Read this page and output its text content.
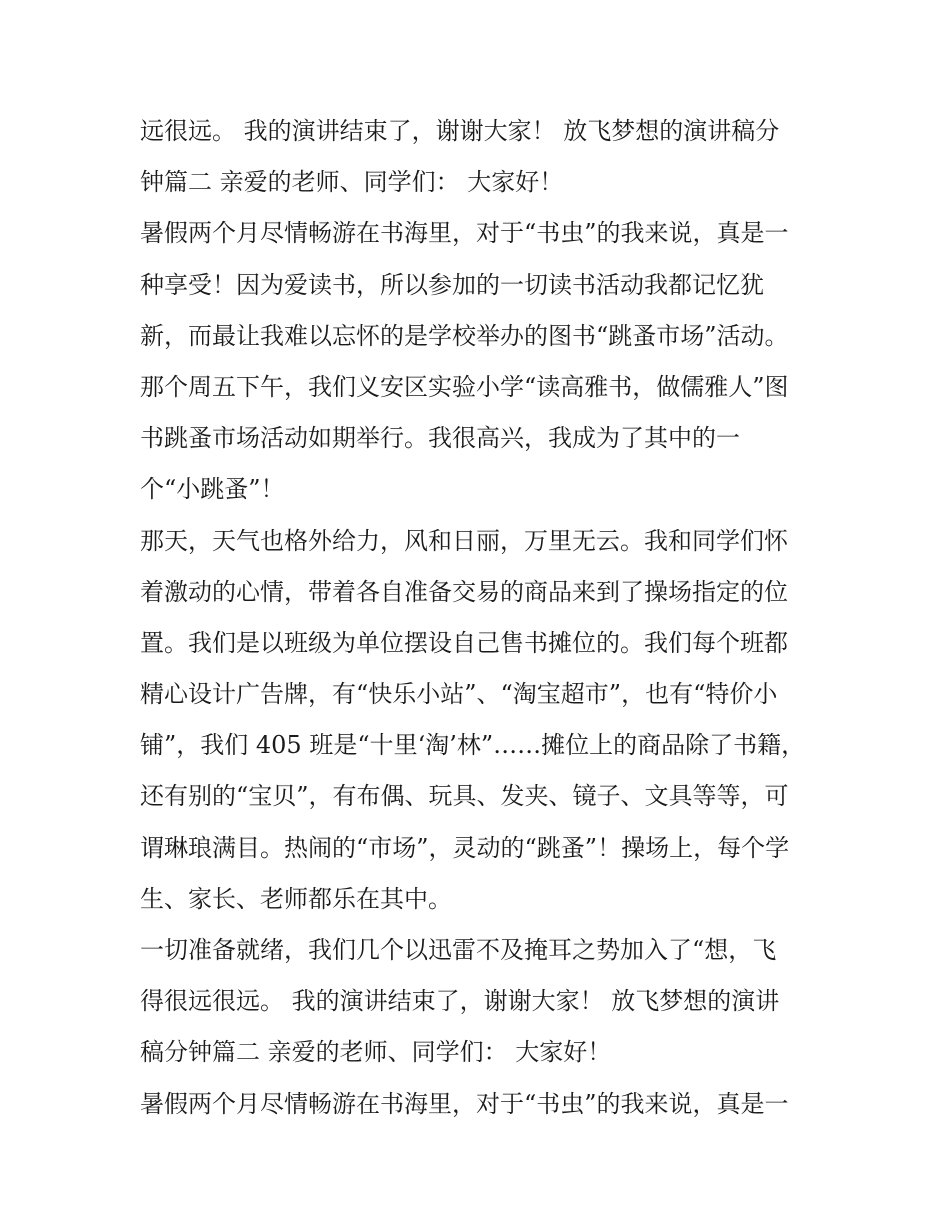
远很远。 我的演讲结束了，谢谢大家！ 放飞梦想的演讲稿分
钟篇二 亲爱的老师、同学们： 大家好！
暑假两个月尽情畅游在书海里，对于“书虫”的我来说，真是一
种享受！因为爱读书，所以参加的一切读书活动我都记忆犹
新，而最让我难以忘怀的是学校举办的图书“跳蚤市场”活动。
那个周五下午，我们义安区实验小学“读高雅书，做儒雅人”图
书跳蚤市场活动如期举行。我很高兴，我成为了其中的一
个“小跳蚤”！
那天，天气也格外给力，风和日丽，万里无云。我和同学们怀
着激动的心情，带着各自准备交易的商品来到了操场指定的位
置。我们是以班级为单位摆设自己售书摊位的。我们每个班都
精心设计广告牌，有“快乐小站”、“淘宝超市”，也有“特价小
铺”，我们 405 班是“十里‘淘’林”……摊位上的商品除了书籍，
还有别的“宝贝”，有布偶、玩具、发夹、镜子、文具等等，可
谓琳琅满目。热闹的“市场”，灵动的“跳蚤”！操场上，每个学
生、家长、老师都乐在其中。
一切准备就绪，我们几个以迅雷不及掩耳之势加入了“想，飞
得很远很远。 我的演讲结束了，谢谢大家！ 放飞梦想的演讲
稿分钟篇二 亲爱的老师、同学们： 大家好！
暑假两个月尽情畅游在书海里，对于“书虫”的我来说，真是一
